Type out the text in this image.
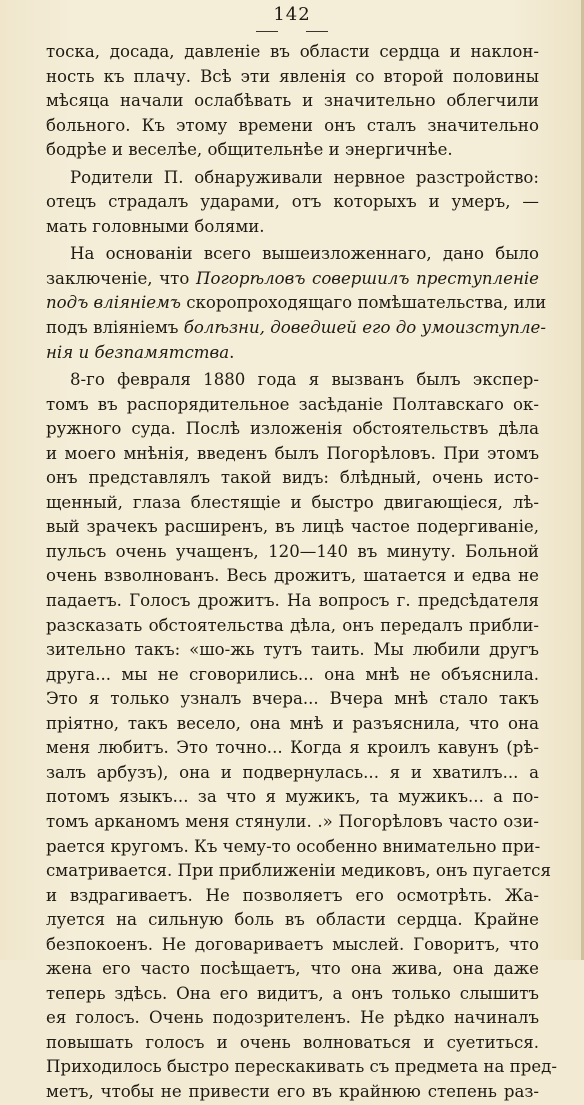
142
тоска, досада, давленіе въ области сердца и наклон-
ность къ плачу. Всѣ эти явленія со второй половины
мѣсяца начали ослабѣвать и значительно облегчили
больного. Къ этому времени онъ сталъ значительно
бодрѣе и веселѣе, общительнѣе и энергичнѣе.
Родители П. обнаруживали нервное разстройство:
отецъ страдалъ ударами, отъ которыхъ и умеръ, —
мать головными болями.
На основаніи всего вышеизложеннаго, дано было
заключеніе, что Погорѣловъ совершилъ преступленіе
подъ вліяніемъ скоропроходящаго помѣшательства, или
подъ вліяніемъ болѣзни, доведшей его до умоизступле-
нія и безпамятства.
8-го февраля 1880 года я вызванъ былъ экспер-
томъ въ распорядительное засѣданіе Полтавскаго ок-
ружного суда. Послѣ изложенія обстоятельствъ дѣла
и моего мнѣнія, введенъ былъ Погорѣловъ. При этомъ
онъ представлялъ такой видъ: блѣдный, очень исто-
щенный, глаза блестящіе и быстро двигающіеся, лѣ-
вый зрачекъ расширенъ, въ лицѣ частое подергиваніе,
пульсъ очень учащенъ, 120—140 въ минуту. Больной
очень взволнованъ. Весь дрожитъ, шатается и едва не
падаетъ. Голосъ дрожитъ. На вопросъ г. предсѣдателя
разсказать обстоятельства дѣла, онъ передалъ прибли-
зительно такъ: «шо-жь тутъ таить. Мы любили другъ
друга... мы не сговорились... она мнѣ не объяснила.
Это я только узналъ вчера... Вчера мнѣ стало такъ
пріятно, такъ весело, она мнѣ и разъяснила, что она
меня любитъ. Это точно... Когда я кроилъ кавунъ (рѣ-
залъ арбузъ), она и подвернулась... я и хватилъ... а
потомъ языкъ... за что я мужикъ, та мужикъ... а по-
томъ арканомъ меня стянули. .» Погорѣловъ часто ози-
рается кругомъ. Къ чему-то особенно внимательно при-
сматривается. При приближеніи медиковъ, онъ пугается
и вздрагиваетъ. Не позволяетъ его осмотрѣть. Жа-
луется на сильную боль въ области сердца. Крайне
безпокоенъ. Не договариваетъ мыслей. Говоритъ, что
жена его часто посѣщаетъ, что она жива, она даже
теперь здѣсь. Она его видитъ, а онъ только слышитъ
ея голосъ. Очень подозрителенъ. Не рѣдко начиналъ
повышать голосъ и очень волноваться и суетиться.
Приходилось быстро перескакивать съ предмета на пред-
метъ, чтобы не привести его въ крайнюю степень раз-
